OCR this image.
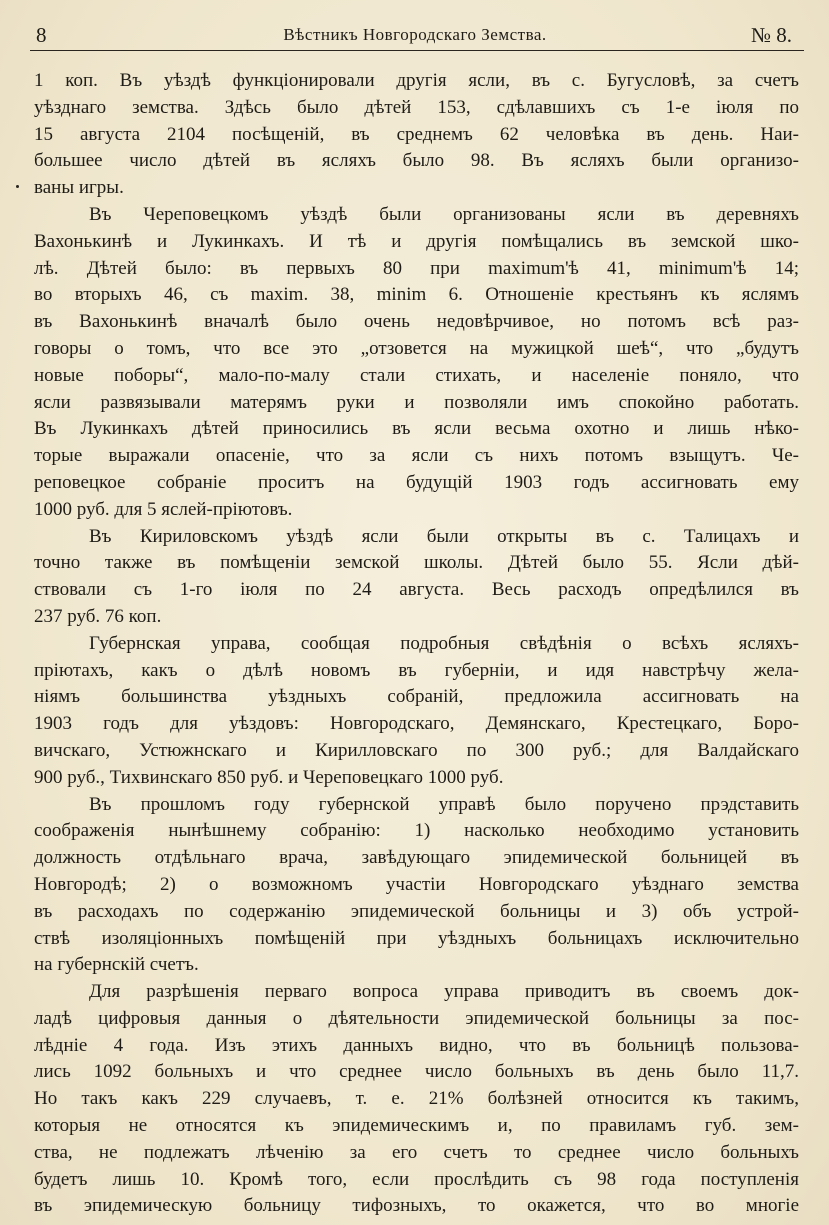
8	Вѣстникъ Новгородскаго Земства.	№ 8.
1 коп. Въ уѣздѣ функціонировали другія ясли, въ с. Бугусловѣ, за счетъ
уѣзднаго земства. Здѣсь было дѣтей 153, сдѣлавшихъ съ 1-е іюля по
15 августа 2104 посѣщеній, въ среднемъ 62 человѣка въ день. Наи-
большее число дѣтей въ ясляхъ было 98. Въ ясляхъ были организо-
ваны игры.
Въ Череповецкомъ уѣздѣ были организованы ясли въ деревняхъ
Вахонькинѣ и Лукинкахъ. И тѣ и другія помѣщались въ земской шко-
лѣ. Дѣтей было: въ первыхъ 80 при maximum'ѣ 41, minimum'ѣ 14;
во вторыхъ 46, съ maxim. 38, minim 6. Отношеніе крестьянъ къ яслямъ
въ Вахонькинѣ вначалѣ было очень недовѣрчивое, но потомъ всѣ раз-
говоры о томъ, что все это „отзовется на мужицкой шеѣ“, что „будутъ
новые поборы“, мало-по-малу стали стихать, и населеніе поняло, что
ясли развязывали матерямъ руки и позволяли имъ спокойно работать.
Въ Лукинкахъ дѣтей приносились въ ясли весьма охотно и лишь нѣко-
торые выражали опасеніе, что за ясли съ нихъ потомъ взыщутъ. Че-
реповецкое собраніе проситъ на будущій 1903 годъ ассигновать ему
1000 руб. для 5 яслей-пріютовъ.
Въ Кириловскомъ уѣздѣ ясли были открыты въ с. Талицахъ и
точно также въ помѣщеніи земской школы. Дѣтей было 55. Ясли дѣй-
ствовали съ 1-го іюля по 24 августа. Весь расходъ опредѣлился въ
237 руб. 76 коп.
Губернская управа, сообщая подробныя свѣдѣнія о всѣхъ ясляхъ-
пріютахъ, какъ о дѣлѣ новомъ въ губерніи, и идя навстрѣчу жела-
ніямъ большинства уѣздныхъ собраній, предложила ассигновать на
1903 годъ для уѣздовъ: Новгородскаго, Демянскаго, Крестецкаго, Боро-
вичскаго, Устюжнскаго и Кирилловскаго по 300 руб.; для Валдайскаго
900 руб., Тихвинскаго 850 руб. и Череповецкаго 1000 руб.
Въ прошломъ году губернской управѣ было поручено прэдставить
соображенія нынѣшнему собранію: 1) насколько необходимо установить
должность отдѣльнаго врача, завѣдующаго эпидемической больницей въ
Новгородѣ; 2) о возможномъ участіи Новгородскаго уѣзднаго земства
въ расходахъ по содержанію эпидемической больницы и 3) объ устрой-
ствѣ изоляціонныхъ помѣщеній при уѣздныхъ больницахъ исключительно
на губернскій счетъ.
Для разрѣшенія перваго вопроса управа приводитъ въ своемъ док-
ладѣ цифровыя данныя о дѣятельности эпидемической больницы за пос-
лѣдніе 4 года. Изъ этихъ данныхъ видно, что въ больницѣ пользова-
лись 1092 больныхъ и что среднее число больныхъ въ день было 11,7.
Но такъ какъ 229 случаевъ, т. е. 21% болѣзней относится къ такимъ,
которыя не относятся къ эпидемическимъ и, по правиламъ губ. зем-
ства, не подлежатъ лѣченію за его счетъ то среднее число больныхъ
будетъ лишь 10. Кромѣ того, если прослѣдить съ 98 года поступленія
въ эпидемическую больницу тифозныхъ, то окажется, что во многіе
